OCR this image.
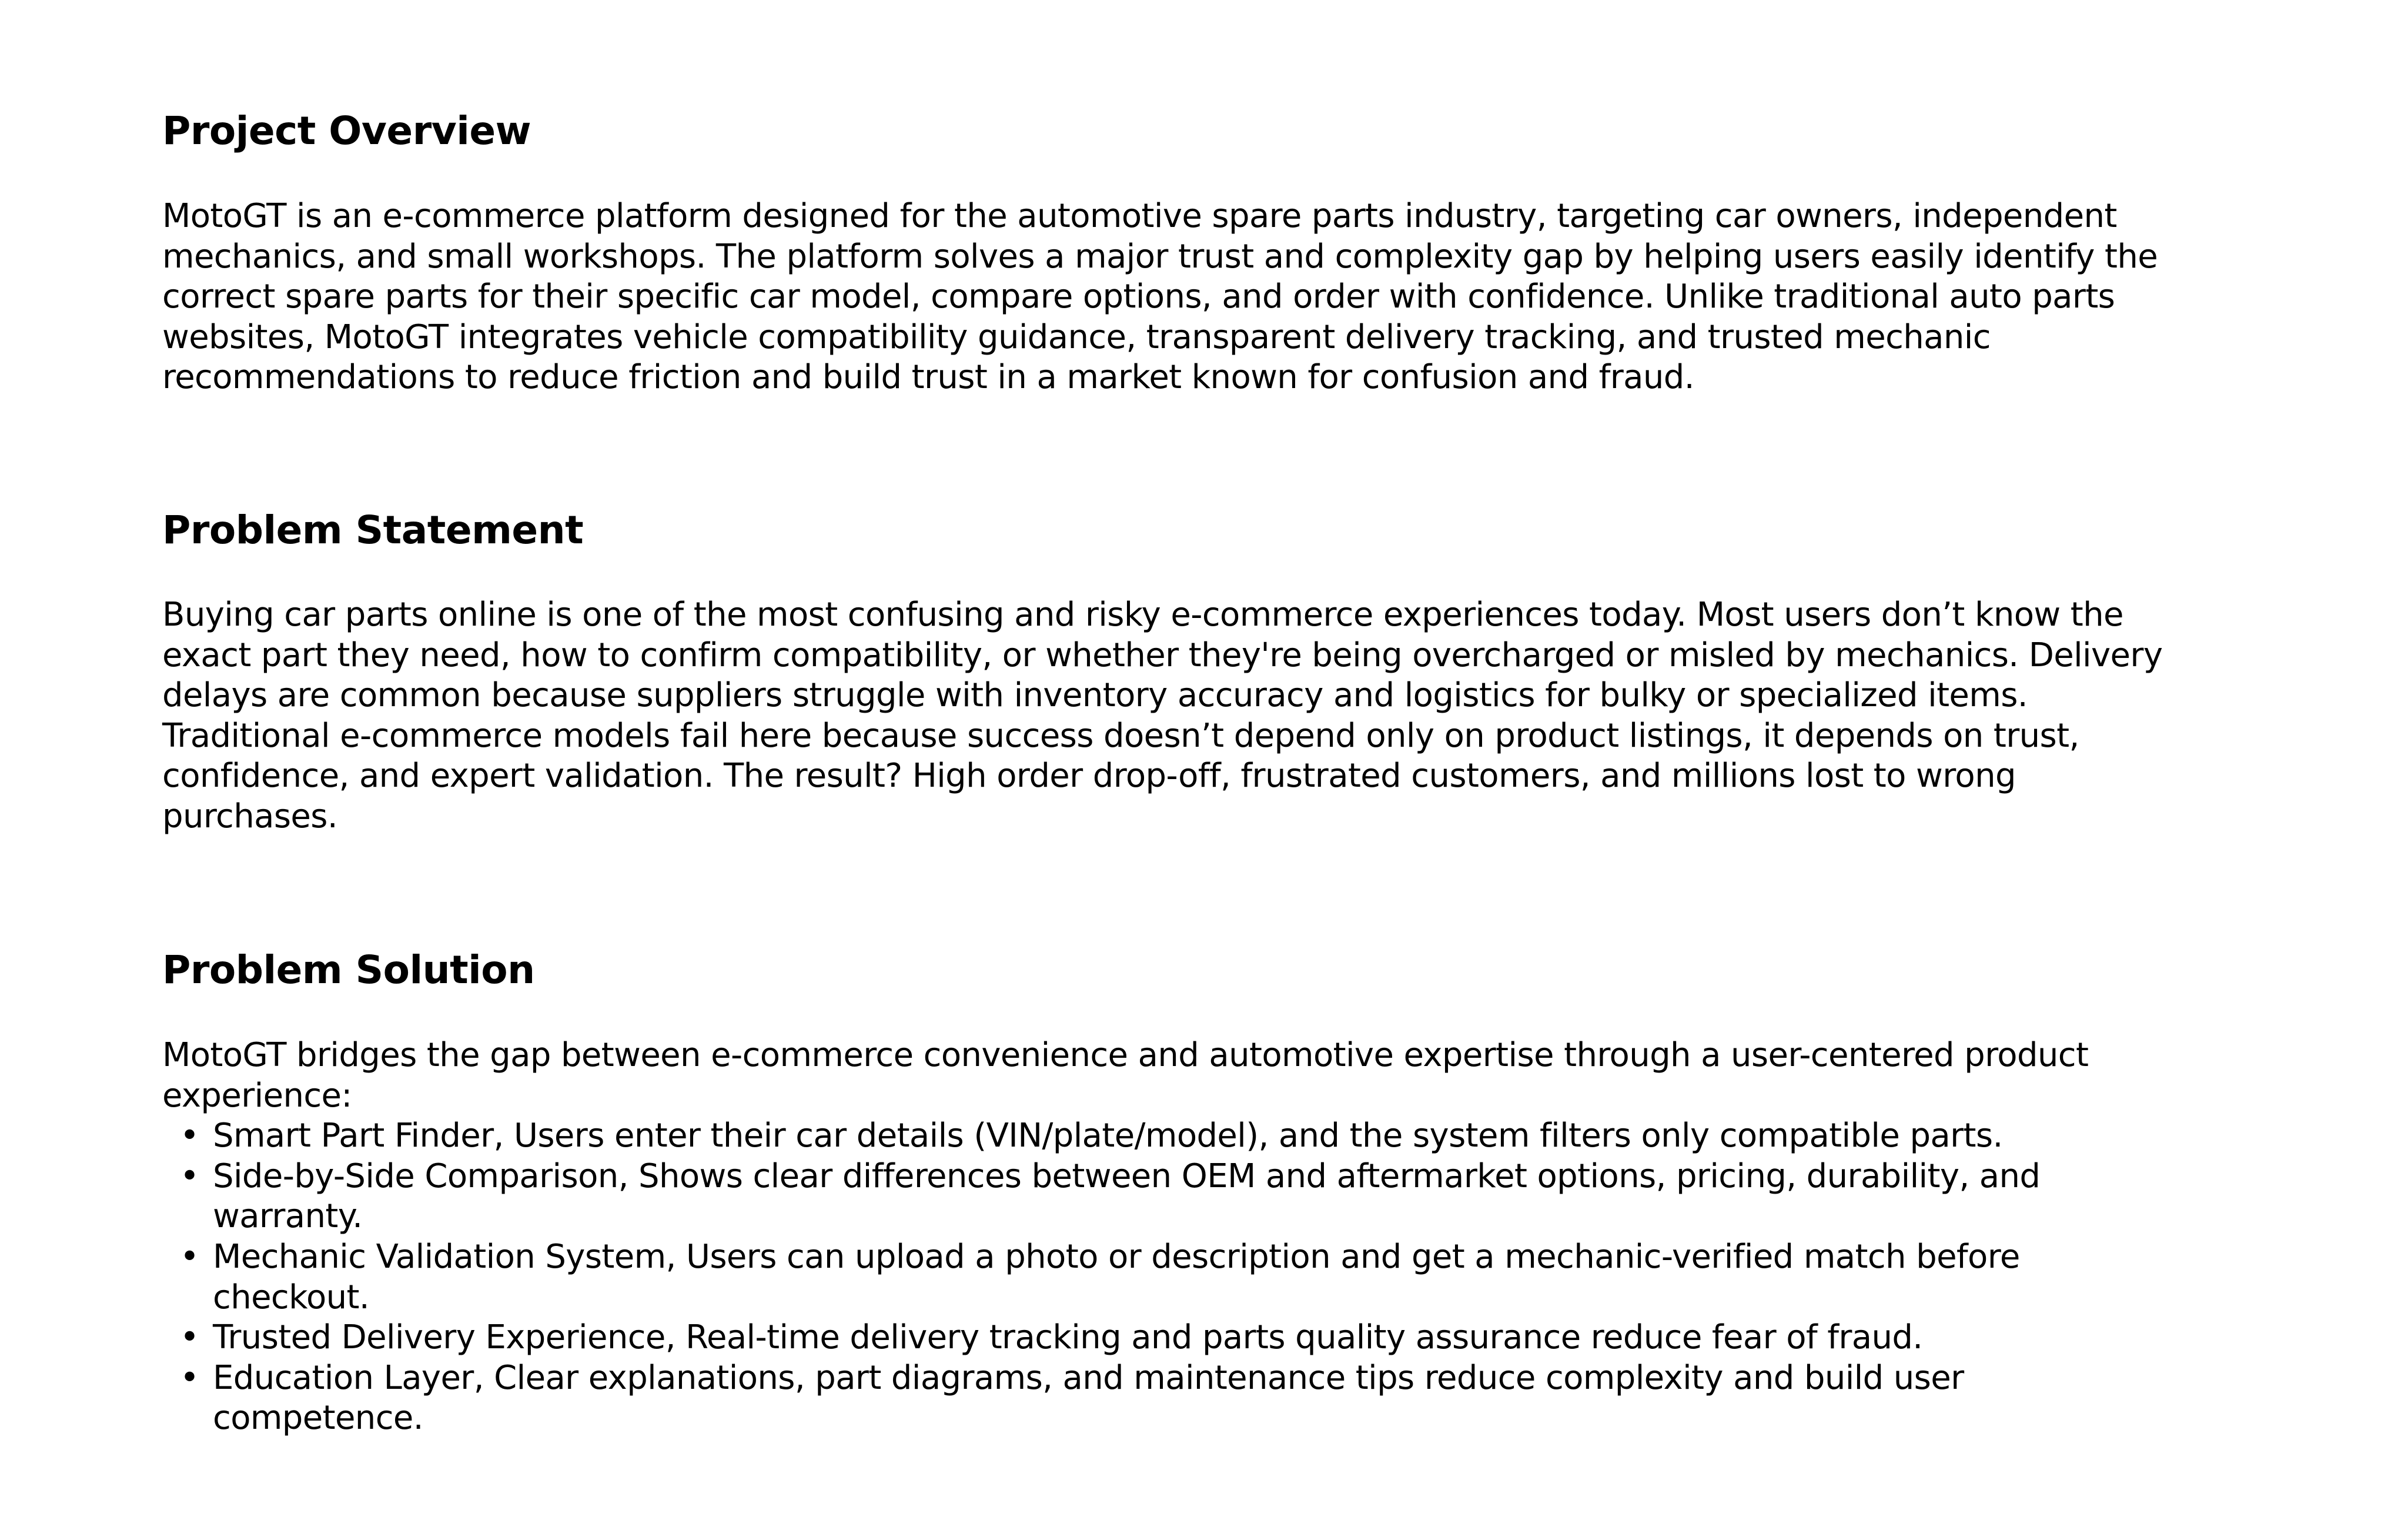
Project Overview
MotoGT is an e-commerce platform designed for the automotive spare parts industry, targeting car owners, independent
mechanics, and small workshops. The platform solves a major trust and complexity gap by helping users easily identify the
correct spare parts for their specific car model, compare options, and order with confidence. Unlike traditional auto parts
websites, MotoGT integrates vehicle compatibility guidance, transparent delivery tracking, and trusted mechanic
recommendations to reduce friction and build trust in a market known for confusion and fraud.
Problem Statement
Buying car parts online is one of the most confusing and risky e-commerce experiences today. Most users don’t know the
exact part they need, how to confirm compatibility, or whether they're being overcharged or misled by mechanics. Delivery
delays are common because suppliers struggle with inventory accuracy and logistics for bulky or specialized items.
Traditional e-commerce models fail here because success doesn’t depend only on product listings, it depends on trust,
confidence, and expert validation. The result? High order drop-off, frustrated customers, and millions lost to wrong
purchases.
Problem Solution
MotoGT bridges the gap between e-commerce convenience and automotive expertise through a user-centered product
experience:
• Smart Part Finder, Users enter their car details (VIN/plate/model), and the system filters only compatible parts.
• Side-by-Side Comparison, Shows clear differences between OEM and aftermarket options, pricing, durability, and
warranty.
• Mechanic Validation System, Users can upload a photo or description and get a mechanic-verified match before
checkout.
• Trusted Delivery Experience, Real-time delivery tracking and parts quality assurance reduce fear of fraud.
• Education Layer, Clear explanations, part diagrams, and maintenance tips reduce complexity and build user
competence.
